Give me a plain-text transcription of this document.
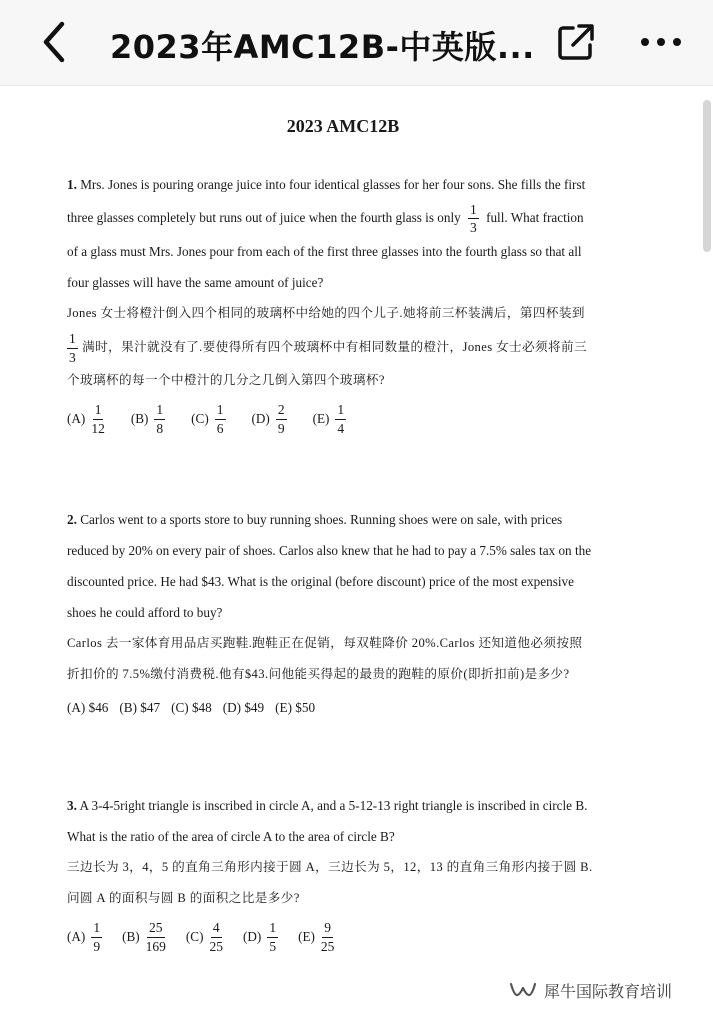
2023年AMC12B-中英版...
2023 AMC12B
1. Mrs. Jones is pouring orange juice into four identical glasses for her four sons. She fills the first
three glasses completely but runs out of juice when the fourth glass is only $\frac{1}{3}$ full. What fraction
of a glass must Mrs. Jones pour from each of the first three glasses into the fourth glass so that all
four glasses will have the same amount of juice?
Jones 女士将橙汁倒入四个相同的玻璃杯中给她的四个儿子.她将前三杯装满后，第四杯装到
$\frac{1}{3}$ 满时，果汁就没有了.要使得所有四个玻璃杯中有相同数量的橙汁，Jones 女士必须将前三
个玻璃杯的每一个中橙汁的几分之几倒入第四个玻璃杯?
$(A) \frac{1}{12} (B) \frac{1}{8} (C) \frac{1}{6} (D) \frac{2}{9} (E) \frac{1}{4}$
2. Carlos went to a sports store to buy running shoes. Running shoes were on sale, with prices
reduced by 20% on every pair of shoes. Carlos also knew that he had to pay a 7.5% sales tax on the
discounted price. He had $43. What is the original (before discount) price of the most expensive
shoes he could afford to buy?
Carlos 去一家体育用品店买跑鞋.跑鞋正在促销，每双鞋降价 20%.Carlos 还知道他必须按照
折扣价的 7.5%缴付消费税.他有$43.问他能买得起的最贵的跑鞋的原价(即折扣前)是多少?
(A) $46 (B) $47 (C) $48 (D) $49 (E) $50
3. A 3-4-5right triangle is inscribed in circle A, and a 5-12-13 right triangle is inscribed in circle B.
What is the ratio of the area of circle A to the area of circle B?
三边长为 3，4，5 的直角三角形内接于圆 A，三边长为 5，12，13 的直角三角形内接于圆 B.
问圆 A 的面积与圆 B 的面积之比是多少?
$(A) \frac{1}{9} (B) \frac{25}{169} (C) \frac{4}{25} (D) \frac{1}{5} (E) \frac{9}{25}$
犀牛国际教育培训
